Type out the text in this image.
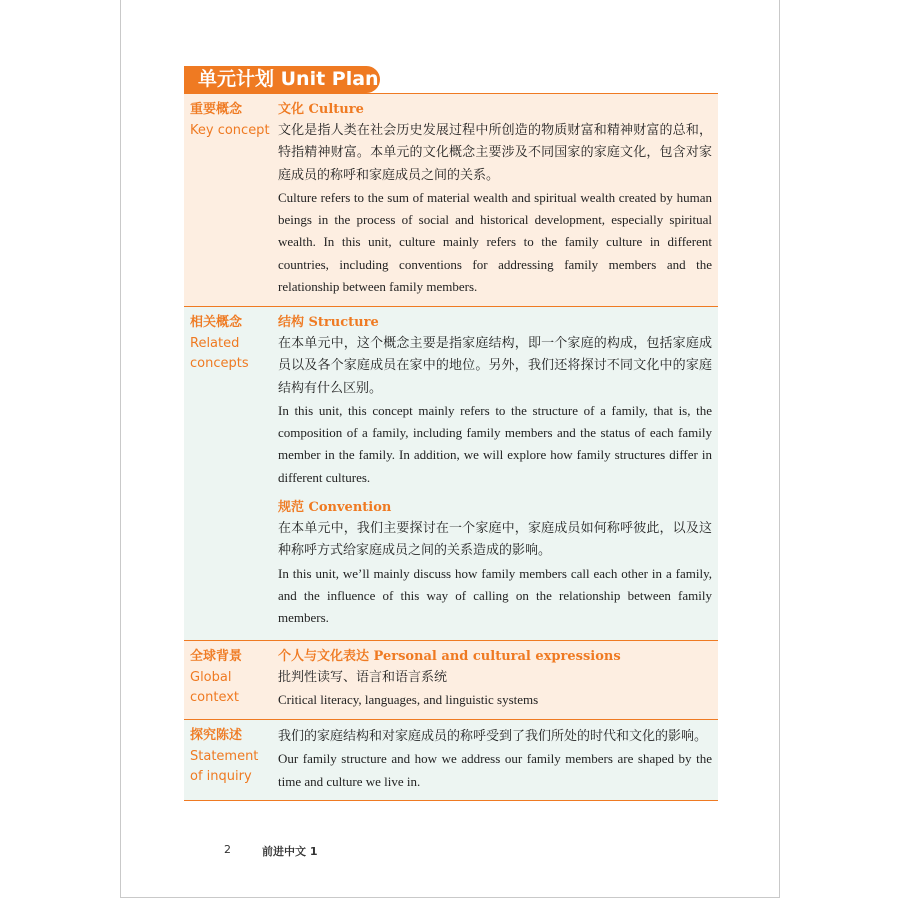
单元计划 Unit Plan
重要概念
Key concept
文化 Culture

文化是指人类在社会历史发展过程中所创造的物质财富和精神财富的总和，特指精神财富。本单元的文化概念主要涉及不同国家的家庭文化，包含对家庭成员的称呼和家庭成员之间的关系。

Culture refers to the sum of material wealth and spiritual wealth created by human beings in the process of social and historical development, especially spiritual wealth. In this unit, culture mainly refers to the family culture in different countries, including conventions for addressing family members and the relationship between family members.

相关概念
Related
concepts
结构 Structure

在本单元中，这个概念主要是指家庭结构，即一个家庭的构成，包括家庭成员以及各个家庭成员在家中的地位。另外，我们还将探讨不同文化中的家庭结构有什么区别。

In this unit, this concept mainly refers to the structure of a family, that is, the composition of a family, including family members and the status of each family member in the family. In addition, we will explore how family structures differ in different cultures.

规范 Convention

在本单元中，我们主要探讨在一个家庭中，家庭成员如何称呼彼此，以及这种称呼方式给家庭成员之间的关系造成的影响。

In this unit, we’ll mainly discuss how family members call each other in a family, and the influence of this way of calling on the relationship between family members.

全球背景
Global
context
个人与文化表达 Personal and cultural expressions

批判性读写、语言和语言系统

Critical literacy, languages, and linguistic systems

探究陈述
Statement
of inquiry

我们的家庭结构和对家庭成员的称呼受到了我们所处的时代和文化的影响。

Our family structure and how we address our family members are shaped by the time and culture we live in.

2	前进中文 1
